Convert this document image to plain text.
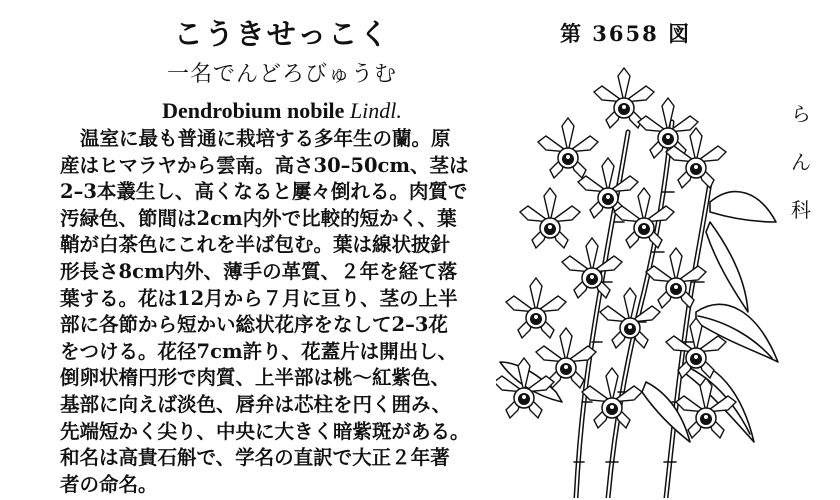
こうきせっこく

一名でんどろびゅうむ

Dendrobium nobile Lindl.

温室に最も普通に栽培する多年生の蘭。原
産はヒマラヤから雲南。高さ30–50cm、茎は
2–3本叢生し、高くなると屢々倒れる。肉質で
汚緑色、節間は2cm内外で比較的短かく、葉
鞘が白茶色にこれを半ば包む。葉は線状披針
形長さ8cm内外、薄手の革質、２年を経て落
葉する。花は12月から７月に亘り、茎の上半
部に各節から短かい総状花序をなして2–3花
をつける。花径7cm許り、花蓋片は開出し、
倒卵状楕円形で肉質、上半部は桃〜紅紫色、
基部に向えば淡色、唇弁は芯柱を円く囲み、
先端短かく尖り、中央に大きく暗紫斑がある。
和名は高貴石斛で、学名の直訳で大正２年著
者の命名。
第 3658 図
ら
ん
科
